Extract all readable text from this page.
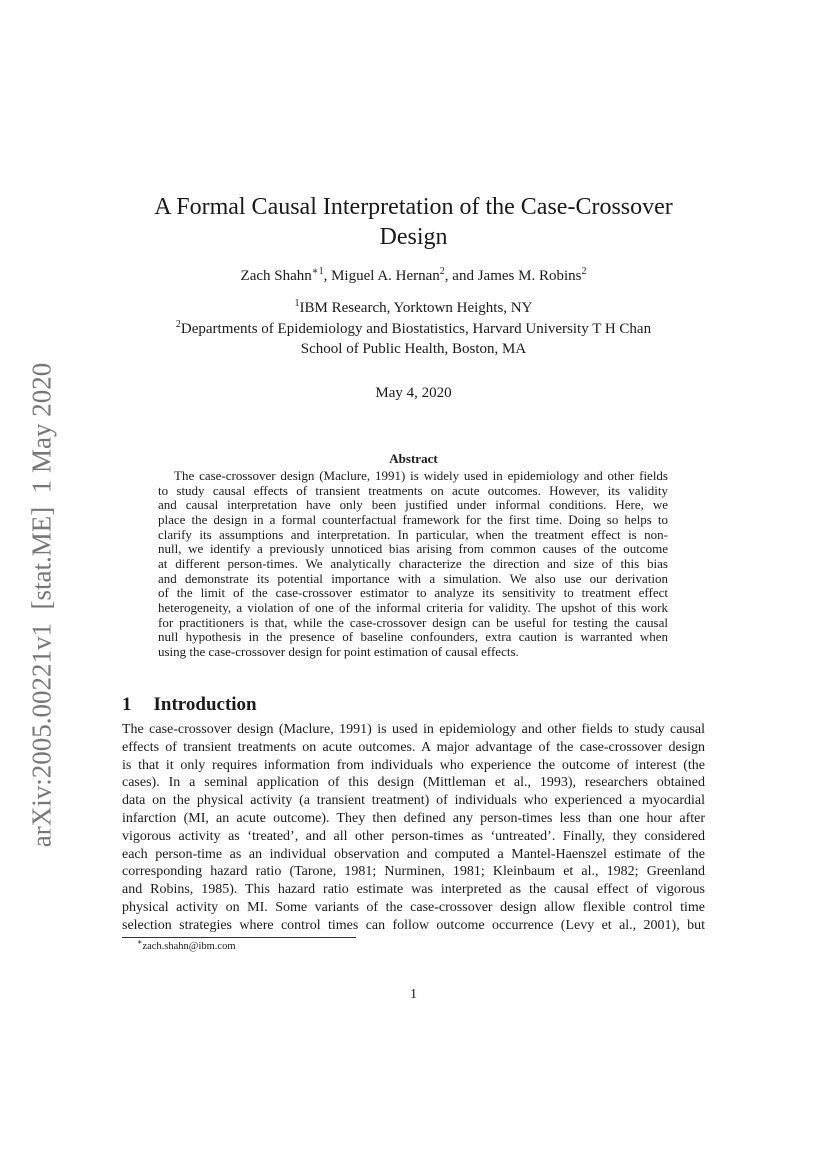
arXiv:2005.00221v1  [stat.ME]  1 May 2020
A Formal Causal Interpretation of the Case-Crossover
Design
Zach Shahn$^{∗1}$, Miguel A. Hernan$^2$, and James M. Robins$^2$
$^1$IBM Research, Yorktown Heights, NY
$^2$Departments of Epidemiology and Biostatistics, Harvard University T H Chan
School of Public Health, Boston, MA
May 4, 2020
Abstract
The case-crossover design (Maclure, 1991) is widely used in epidemiology and other fields
to study causal effects of transient treatments on acute outcomes. However, its validity
and causal interpretation have only been justified under informal conditions. Here, we
place the design in a formal counterfactual framework for the first time. Doing so helps to
clarify its assumptions and interpretation. In particular, when the treatment effect is non-
null, we identify a previously unnoticed bias arising from common causes of the outcome
at different person-times. We analytically characterize the direction and size of this bias
and demonstrate its potential importance with a simulation. We also use our derivation
of the limit of the case-crossover estimator to analyze its sensitivity to treatment effect
heterogeneity, a violation of one of the informal criteria for validity. The upshot of this work
for practitioners is that, while the case-crossover design can be useful for testing the causal
null hypothesis in the presence of baseline confounders, extra caution is warranted when
using the case-crossover design for point estimation of causal effects.
1 Introduction
The case-crossover design (Maclure, 1991) is used in epidemiology and other fields to study causal
effects of transient treatments on acute outcomes. A major advantage of the case-crossover design
is that it only requires information from individuals who experience the outcome of interest (the
cases). In a seminal application of this design (Mittleman et al., 1993), researchers obtained
data on the physical activity (a transient treatment) of individuals who experienced a myocardial
infarction (MI, an acute outcome). They then defined any person-times less than one hour after
vigorous activity as ‘treated’, and all other person-times as ‘untreated’. Finally, they considered
each person-time as an individual observation and computed a Mantel-Haenszel estimate of the
corresponding hazard ratio (Tarone, 1981; Nurminen, 1981; Kleinbaum et al., 1982; Greenland
and Robins, 1985). This hazard ratio estimate was interpreted as the causal effect of vigorous
physical activity on MI. Some variants of the case-crossover design allow flexible control time
selection strategies where control times can follow outcome occurrence (Levy et al., 2001), but
∗zach.shahn@ibm.com
1
